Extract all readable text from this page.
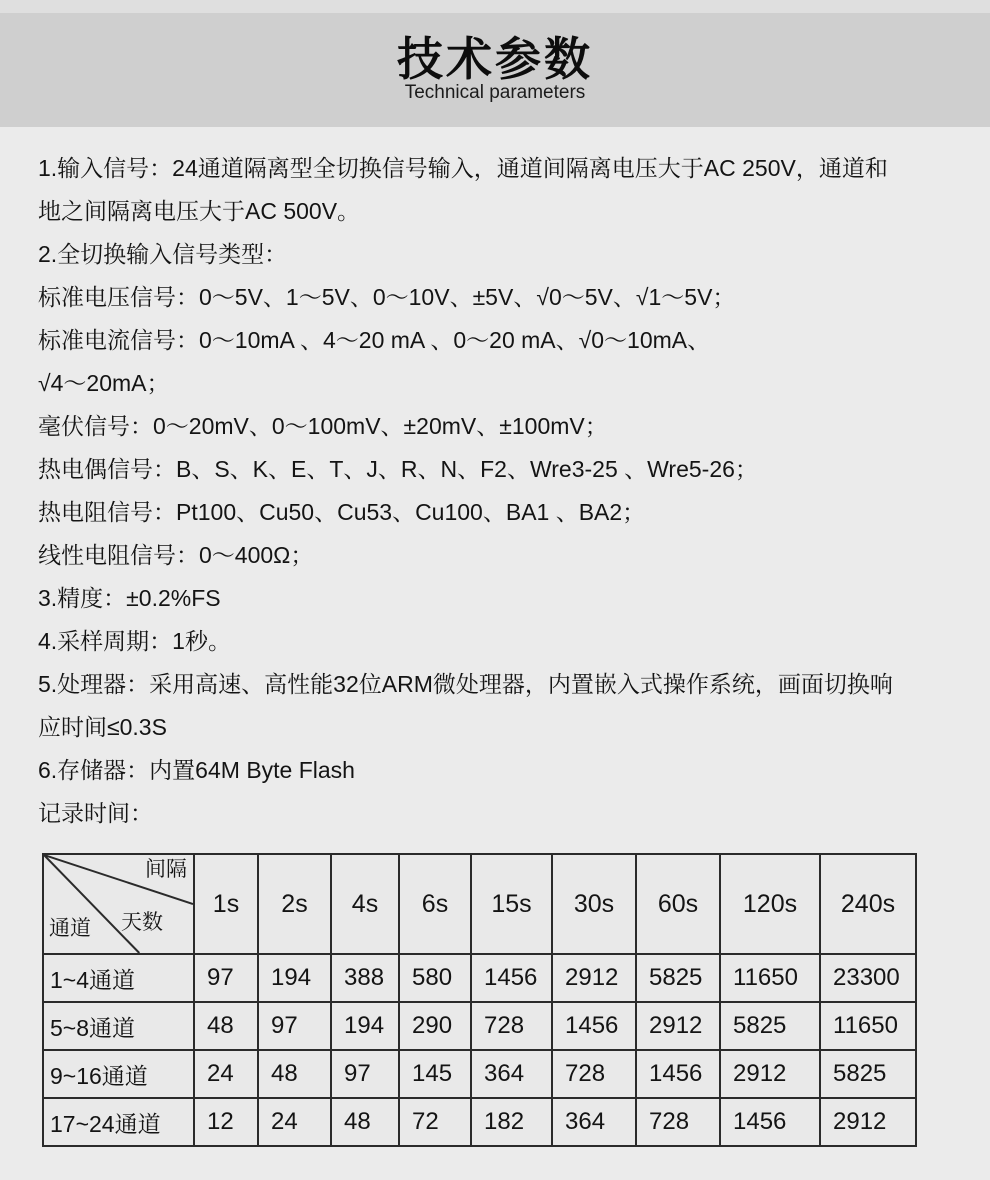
技术参数
Technical parameters
1.输入信号：24通道隔离型全切换信号输入，通道间隔离电压大于AC 250V，通道和
地之间隔离电压大于AC 500V。
2.全切换输入信号类型：
标准电压信号：0～5V、1～5V、0～10V、±5V、√0～5V、√1～5V；
标准电流信号：0～10mA 、4～20 mA 、0～20 mA、√0～10mA、
√4～20mA；
毫伏信号：0～20mV、0～100mV、±20mV、±100mV；
热电偶信号：B、S、K、E、T、J、R、N、F2、Wre3-25 、Wre5-26；
热电阻信号：Pt100、Cu50、Cu53、Cu100、BA1 、BA2；
线性电阻信号：0～400Ω；
3.精度：±0.2%FS
4.采样周期：1秒。
5.处理器：采用高速、高性能32位ARM微处理器，内置嵌入式操作系统，画面切换响
应时间≤0.3S
6.存储器：内置64M Byte Flash
记录时间：
间隔
天数
通道	1s	2s	4s	6s	15s	30s	60s	120s	240s
1~4通道	97	194	388	580	1456	2912	5825	11650	23300
5~8通道	48	97	194	290	728	1456	2912	5825	11650
9~16通道	24	48	97	145	364	728	1456	2912	5825
17~24通道	12	24	48	72	182	364	728	1456	2912
